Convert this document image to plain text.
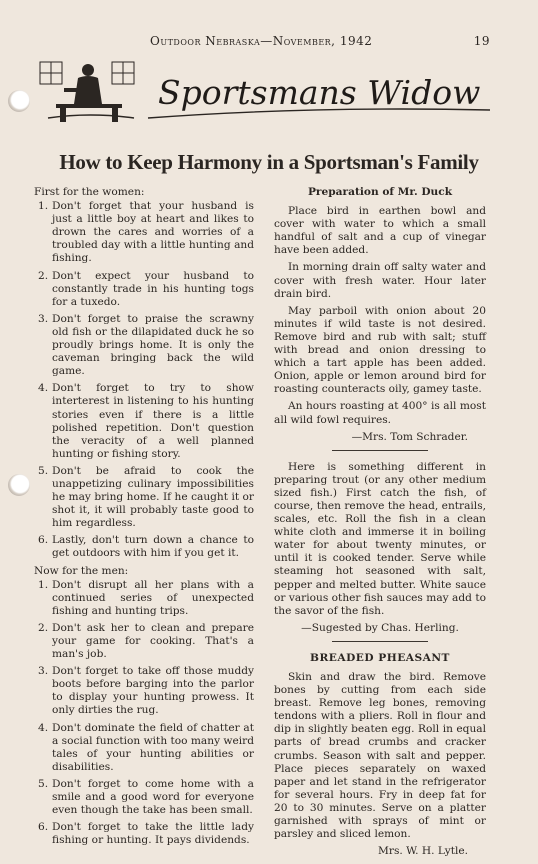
Outdoor Nebraska—November, 1942	19
Sportsmans Widow
How to Keep Harmony in a Sportsman's Family

First for the women:

1. Don't forget that your husband is just a little boy at heart and likes to drown the cares and worries of a troubled day with a little hunting and fishing.
2. Don't expect your husband to constantly trade in his hunting togs for a tuxedo.
3. Don't forget to praise the scrawny old fish or the dilapidated duck he so proudly brings home. It is only the caveman bringing back the wild game.
4. Don't forget to try to show interterest in listening to his hunting stories even if there is a little polished repetition. Don't question the veracity of a well planned hunting or fishing story.
5. Don't be afraid to cook the unappetizing culinary impossibilities he may bring home. If he caught it or shot it, it will probably taste good to him regardless.
6. Lastly, don't turn down a chance to get outdoors with him if you get it.

Now for the men:

1. Don't disrupt all her plans with a continued series of unexpected fishing and hunting trips.
2. Don't ask her to clean and prepare your game for cooking. That's a man's job.
3. Don't forget to take off those muddy boots before barging into the parlor to display your hunting prowess. It only dirties the rug.
4. Don't dominate the field of chatter at a social function with too many weird tales of your hunting abilities or disabilities.
5. Don't forget to come home with a smile and a good word for everyone even though the take has been small.
6. Don't forget to take the little lady fishing or hunting. It pays dividends.

Preparation of Mr. Duck

Place bird in earthen bowl and cover with water to which a small handful of salt and a cup of vinegar have been added.

In morning drain off salty water and cover with fresh water. Hour later drain bird.

May parboil with onion about 20 minutes if wild taste is not desired. Remove bird and rub with salt; stuff with bread and onion dressing to which a tart apple has been added. Onion, apple or lemon around bird for roasting counteracts oily, gamey taste.

An hours roasting at 400° is all most all wild fowl requires.

—Mrs. Tom Schrader.

Here is something different in preparing trout (or any other medium sized fish.) First catch the fish, of course, then remove the head, entrails, scales, etc. Roll the fish in a clean white cloth and immerse it in boiling water for about twenty minutes, or until it is cooked tender. Serve while steaming hot seasoned with salt, pepper and melted butter. White sauce or various other fish sauces may add to the savor of the fish.

—Sugested by Chas. Herling.

BREADED PHEASANT

Skin and draw the bird. Remove bones by cutting from each side breast. Remove leg bones, removing tendons with a pliers. Roll in flour and dip in slightly beaten egg. Roll in equal parts of bread crumbs and cracker crumbs. Season with salt and pepper. Place pieces separately on waxed paper and let stand in the refrigerator for several hours. Fry in deep fat for 20 to 30 minutes. Serve on a platter garnished with sprays of mint or parsley and sliced lemon.

Mrs. W. H. Lytle.
